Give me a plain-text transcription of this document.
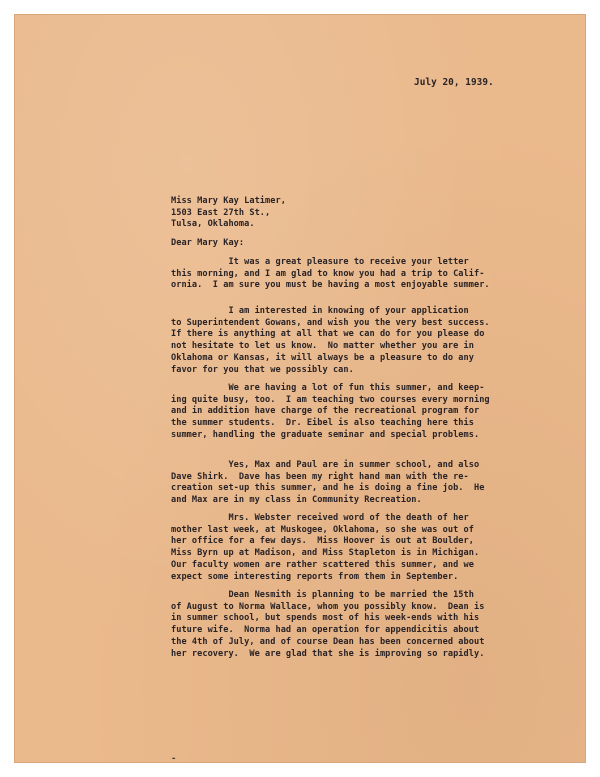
July 20, 1939.
Miss Mary Kay Latimer,
1503 East 27th St.,
Tulsa, Oklahoma.
Dear Mary Kay:
It was a great pleasure to receive your letter
this morning, and I am glad to know you had a trip to Calif-
ornia.  I am sure you must be having a most enjoyable summer.
I am interested in knowing of your application
to Superintendent Gowans, and wish you the very best success.
If there is anything at all that we can do for you please do
not hesitate to let us know.  No matter whether you are in
Oklahoma or Kansas, it will always be a pleasure to do any
favor for you that we possibly can.
We are having a lot of fun this summer, and keep-
ing quite busy, too.  I am teaching two courses every morning
and in addition have charge of the recreational program for
the summer students.  Dr. Eibel is also teaching here this
summer, handling the graduate seminar and special problems.
Yes, Max and Paul are in summer school, and also
Dave Shirk.  Dave has been my right hand man with the re-
creation set-up this summer, and he is doing a fine job.  He
and Max are in my class in Community Recreation.
Mrs. Webster received word of the death of her
mother last week, at Muskogee, Oklahoma, so she was out of
her office for a few days.  Miss Hoover is out at Boulder,
Miss Byrn up at Madison, and Miss Stapleton is in Michigan.
Our faculty women are rather scattered this summer, and we
expect some interesting reports from them in September.
Dean Nesmith is planning to be married the 15th
of August to Norma Wallace, whom you possibly know.  Dean is
in summer school, but spends most of his week-ends with his
future wife.  Norma had an operation for appendicitis about
the 4th of July, and of course Dean has been concerned about
her recovery.  We are glad that she is improving so rapidly.
-
